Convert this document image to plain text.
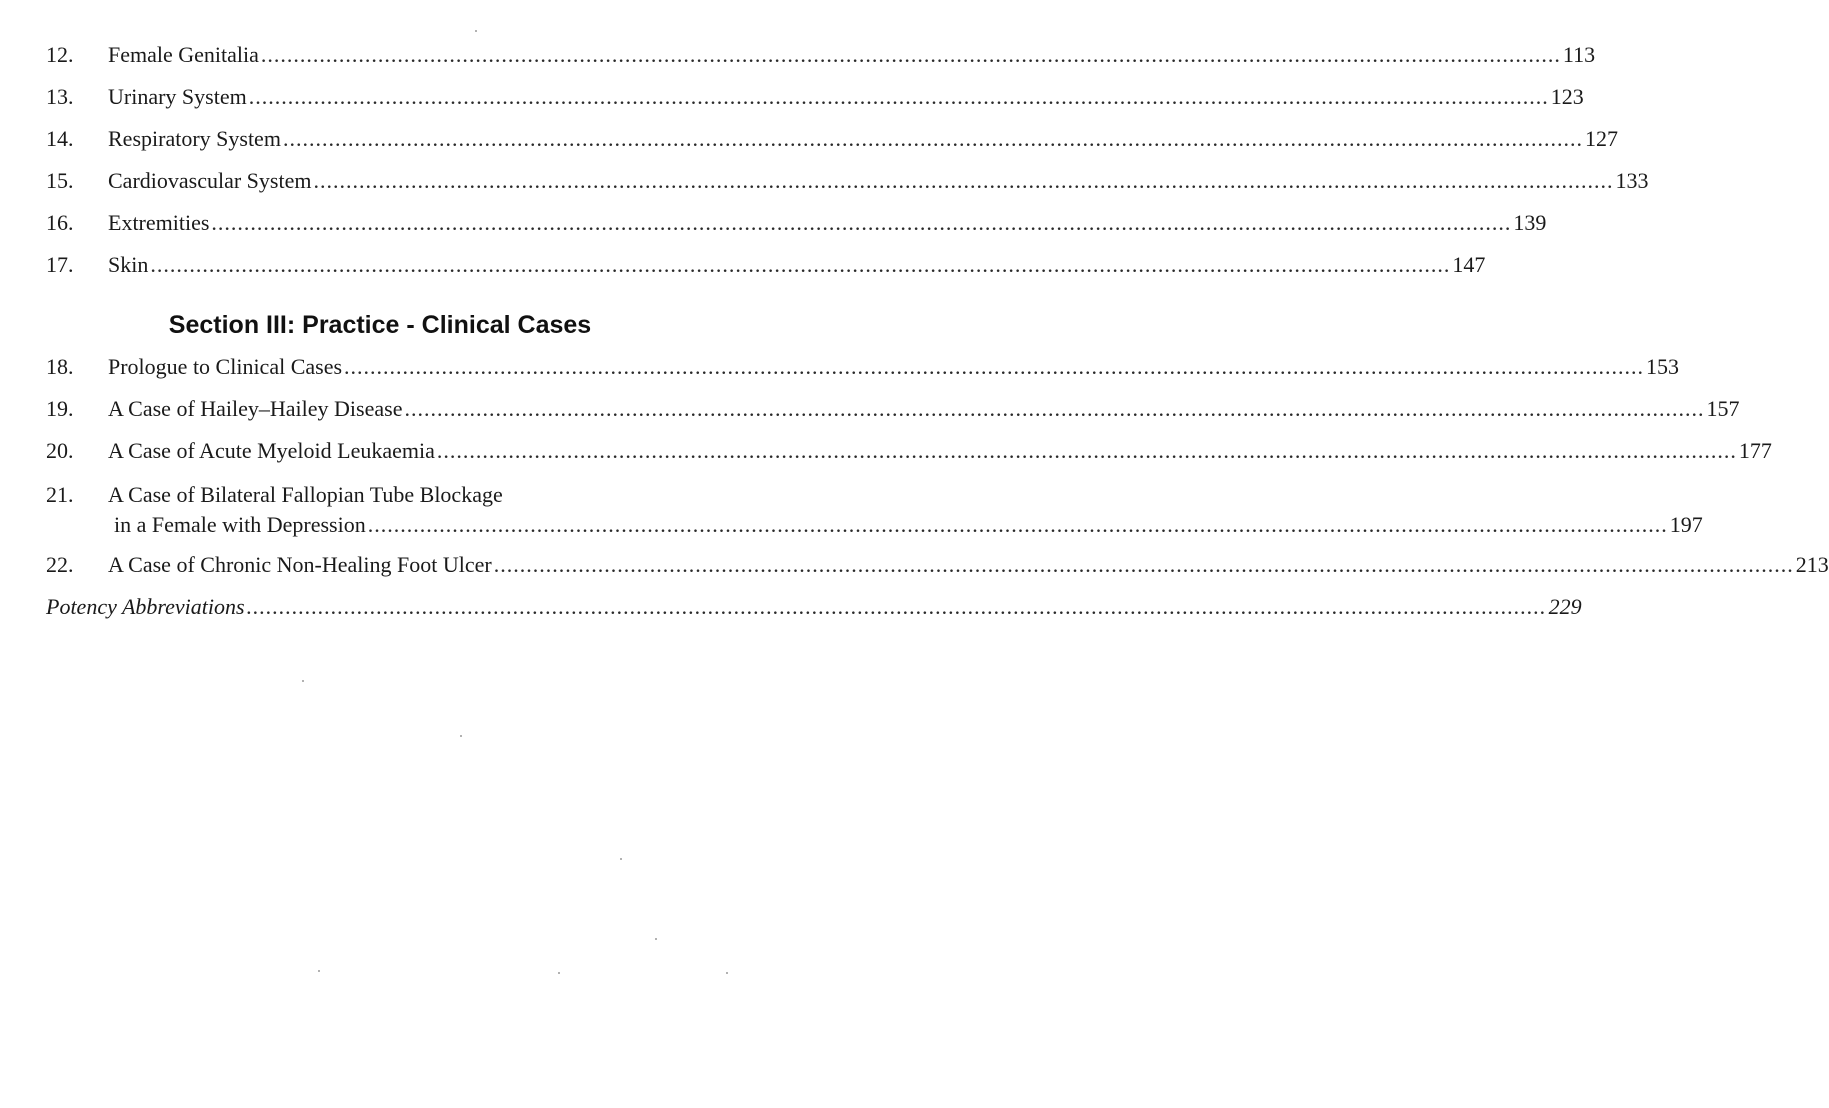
12.	Female Genitalia .....	113
13.	Urinary System .....	123
14.	Respiratory System .....	127
15.	Cardiovascular System .....	133
16.	Extremities .....	139
17.	Skin .....	147
Section III: Practice - Clinical Cases
18.	Prologue to Clinical Cases .....	153
19.	A Case of Hailey–Hailey Disease .....	157
20.	A Case of Acute Myeloid Leukaemia .....	177
21.	A Case of Bilateral Fallopian Tube Blockage
in a Female with Depression .....	197
22.	A Case of Chronic Non-Healing Foot Ulcer .....	213
Potency Abbreviations .....	229
